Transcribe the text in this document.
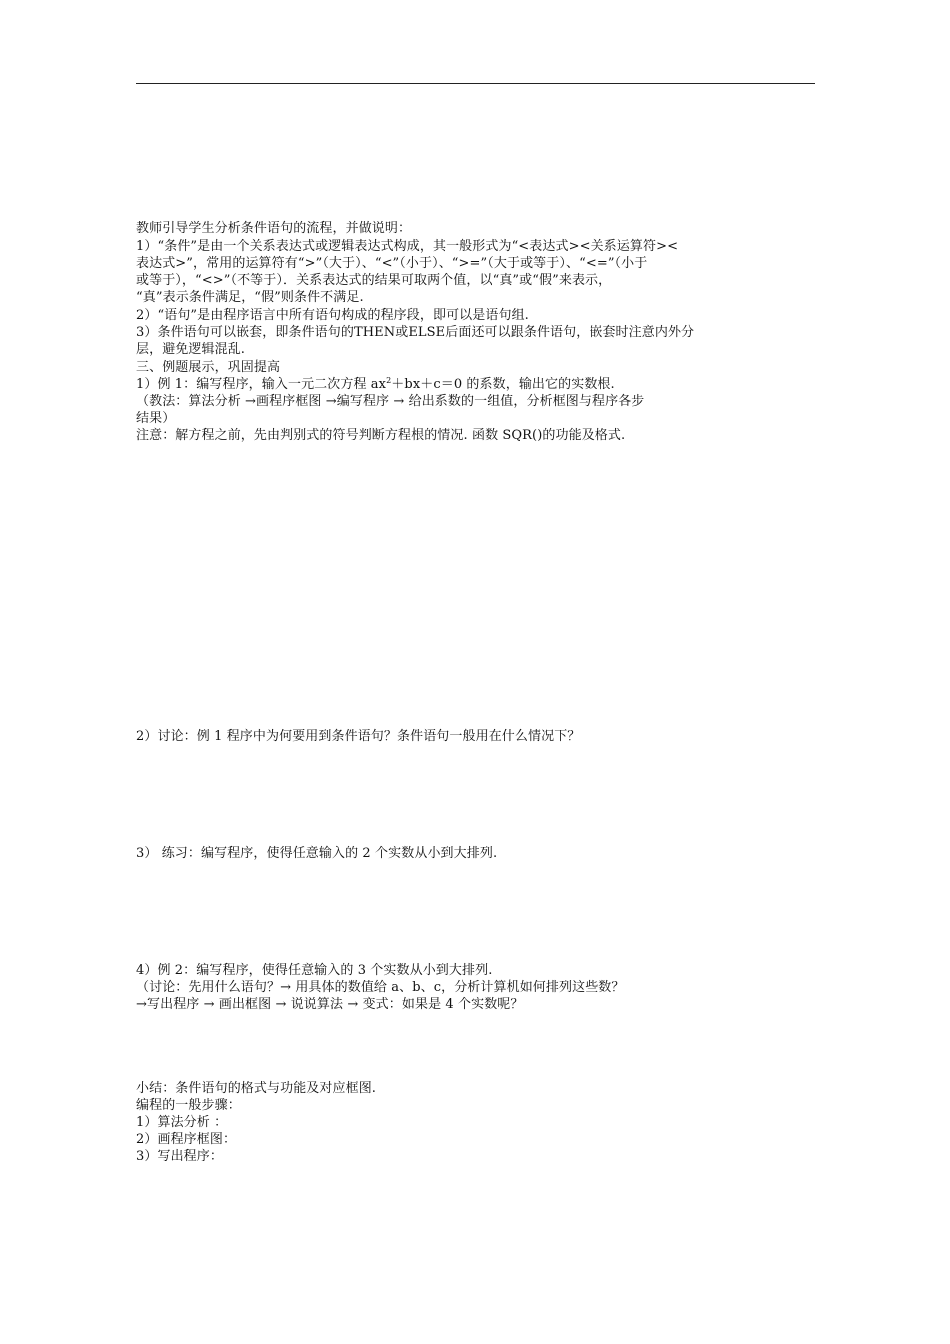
教师引导学生分析条件语句的流程，并做说明：
1）“条件”是由一个关系表达式或逻辑表达式构成，其一般形式为“<表达式><关系运算符><
表达式>”，常用的运算符有“>”（大于）、“<”（小于）、“>=”（大于或等于）、“<=”（小于
或等于），“<>”（不等于）．关系表达式的结果可取两个值，以“真”或“假”来表示，
“真”表示条件满足，“假”则条件不满足.
2）“语句”是由程序语言中所有语句构成的程序段，即可以是语句组.
3）条件语句可以嵌套，即条件语句的THEN或ELSE后面还可以跟条件语句，嵌套时注意内外分
层，避免逻辑混乱.
三、例题展示，巩固提高
1）例 1：编写程序，输入一元二次方程 $ax^2+bx+c=0$ 的系数，输出它的实数根.
（教法：算法分析 →画程序框图 →编写程序 → 给出系数的一组值，分析框图与程序各步
结果）
注意：解方程之前，先由判别式的符号判断方程根的情况. 函数 SQR()的功能及格式.
2）讨论：例 1 程序中为何要用到条件语句？条件语句一般用在什么情况下？
3） 练习：编写程序，使得任意输入的 2 个实数从小到大排列.
4）例 2：编写程序，使得任意输入的 3 个实数从小到大排列.
（讨论：先用什么语句？→ 用具体的数值给 a、b、c，分析计算机如何排列这些数？
→写出程序 → 画出框图 → 说说算法 → 变式：如果是 4 个实数呢？
小结：条件语句的格式与功能及对应框图.
编程的一般步骤：
1）算法分析 ：
2）画程序框图：
3）写出程序：
